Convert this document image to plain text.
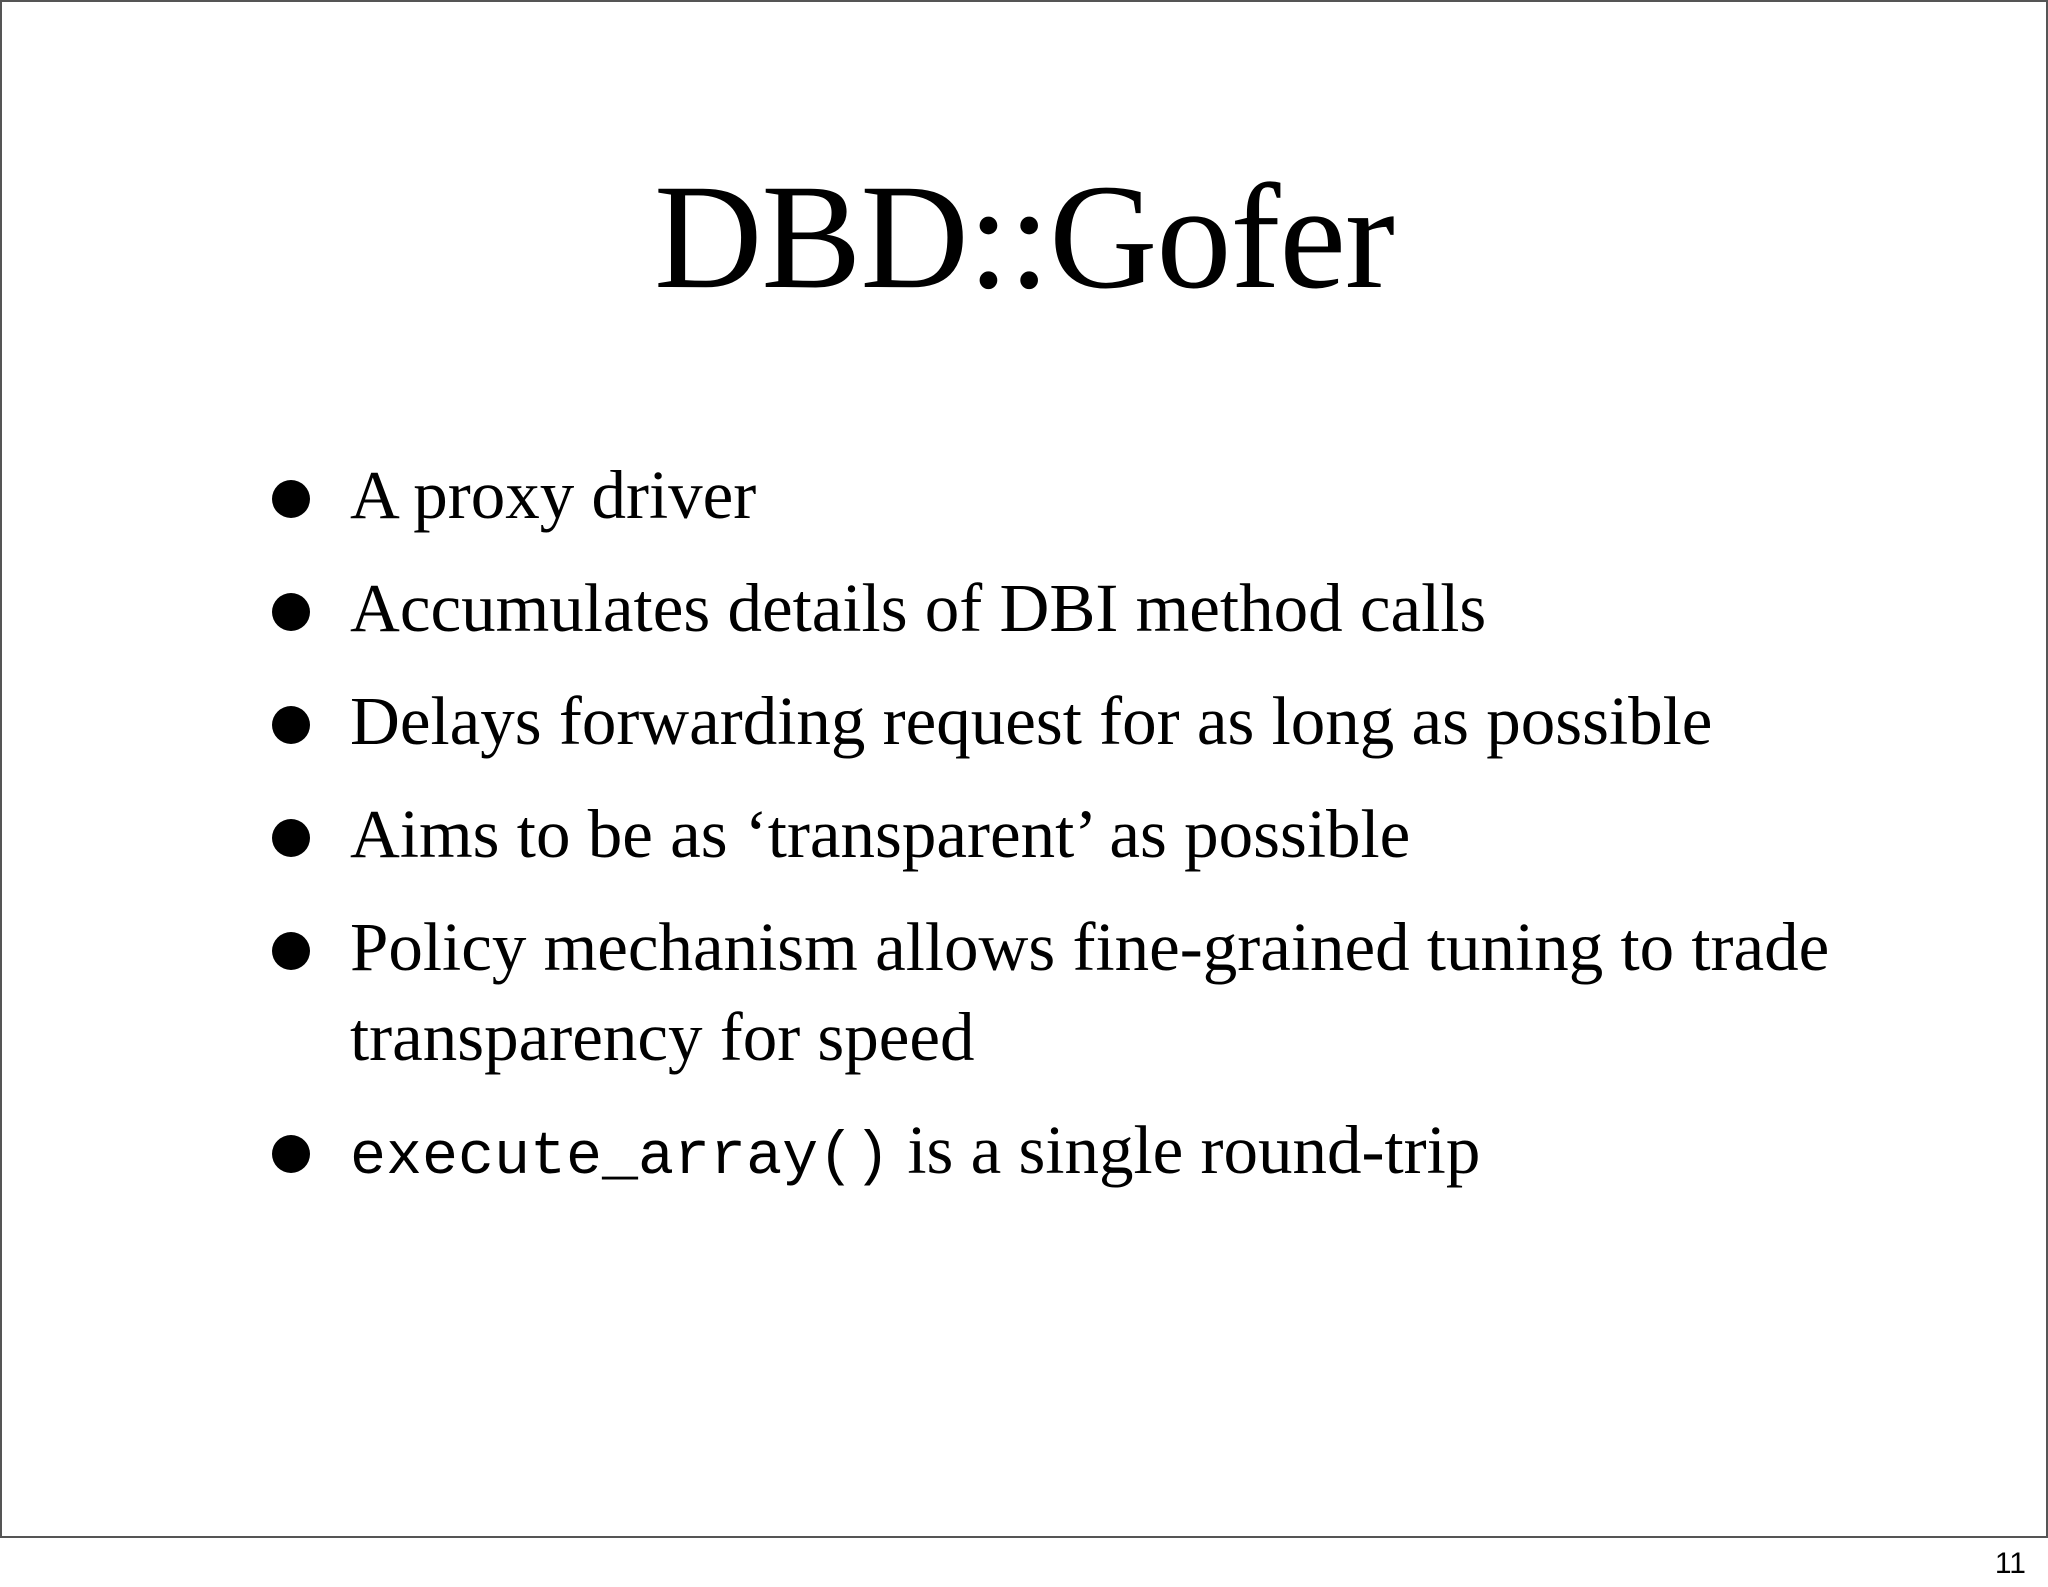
DBD::Gofer
A proxy driver
Accumulates details of DBI method calls
Delays forwarding request for as long as possible
Aims to be as ‘transparent’ as possible
Policy mechanism allows fine-grained tuning to trade transparency for speed
execute_array() is a single round-trip
11
